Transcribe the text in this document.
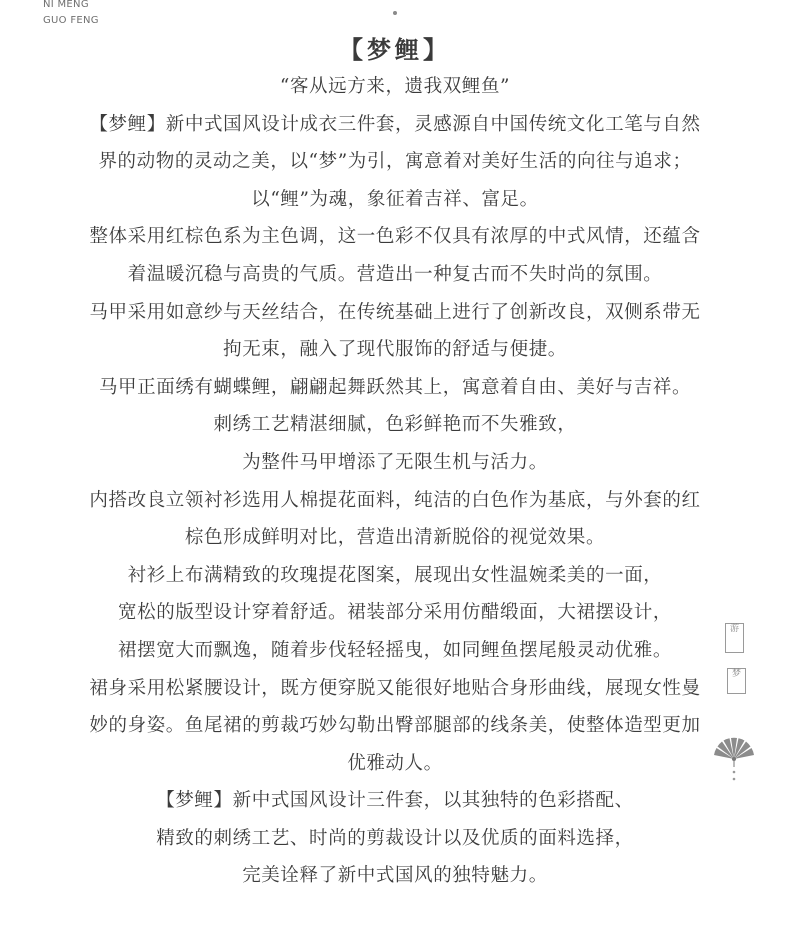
NI MENG
GUO FENG
【梦鲤】
“客从远方来，遗我双鲤鱼”
【梦鲤】新中式国风设计成衣三件套，灵感源自中国传统文化工笔与自然
界的动物的灵动之美，以“梦”为引，寓意着对美好生活的向往与追求；
以“鲤”为魂，象征着吉祥、富足。
整体采用红棕色系为主色调，这一色彩不仅具有浓厚的中式风情，还蕴含
着温暖沉稳与高贵的气质。营造出一种复古而不失时尚的氛围。
马甲采用如意纱与天丝结合，在传统基础上进行了创新改良，双侧系带无
拘无束，融入了现代服饰的舒适与便捷。
马甲正面绣有蝴蝶鲤，翩翩起舞跃然其上，寓意着自由、美好与吉祥。
刺绣工艺精湛细腻，色彩鲜艳而不失雅致，
为整件马甲增添了无限生机与活力。
内搭改良立领衬衫选用人棉提花面料，纯洁的白色作为基底，与外套的红
棕色形成鲜明对比，营造出清新脱俗的视觉效果。
衬衫上布满精致的玫瑰提花图案，展现出女性温婉柔美的一面，
宽松的版型设计穿着舒适。裙装部分采用仿醋缎面，大裙摆设计，
裙摆宽大而飘逸，随着步伐轻轻摇曳，如同鲤鱼摆尾般灵动优雅。
裙身采用松紧腰设计，既方便穿脱又能很好地贴合身形曲线，展现女性曼
妙的身姿。鱼尾裙的剪裁巧妙勾勒出臀部腿部的线条美，使整体造型更加
优雅动人。
【梦鲤】新中式国风设计三件套，以其独特的色彩搭配、
精致的刺绣工艺、时尚的剪裁设计以及优质的面料选择，
完美诠释了新中式国风的独特魅力。
游
梦
